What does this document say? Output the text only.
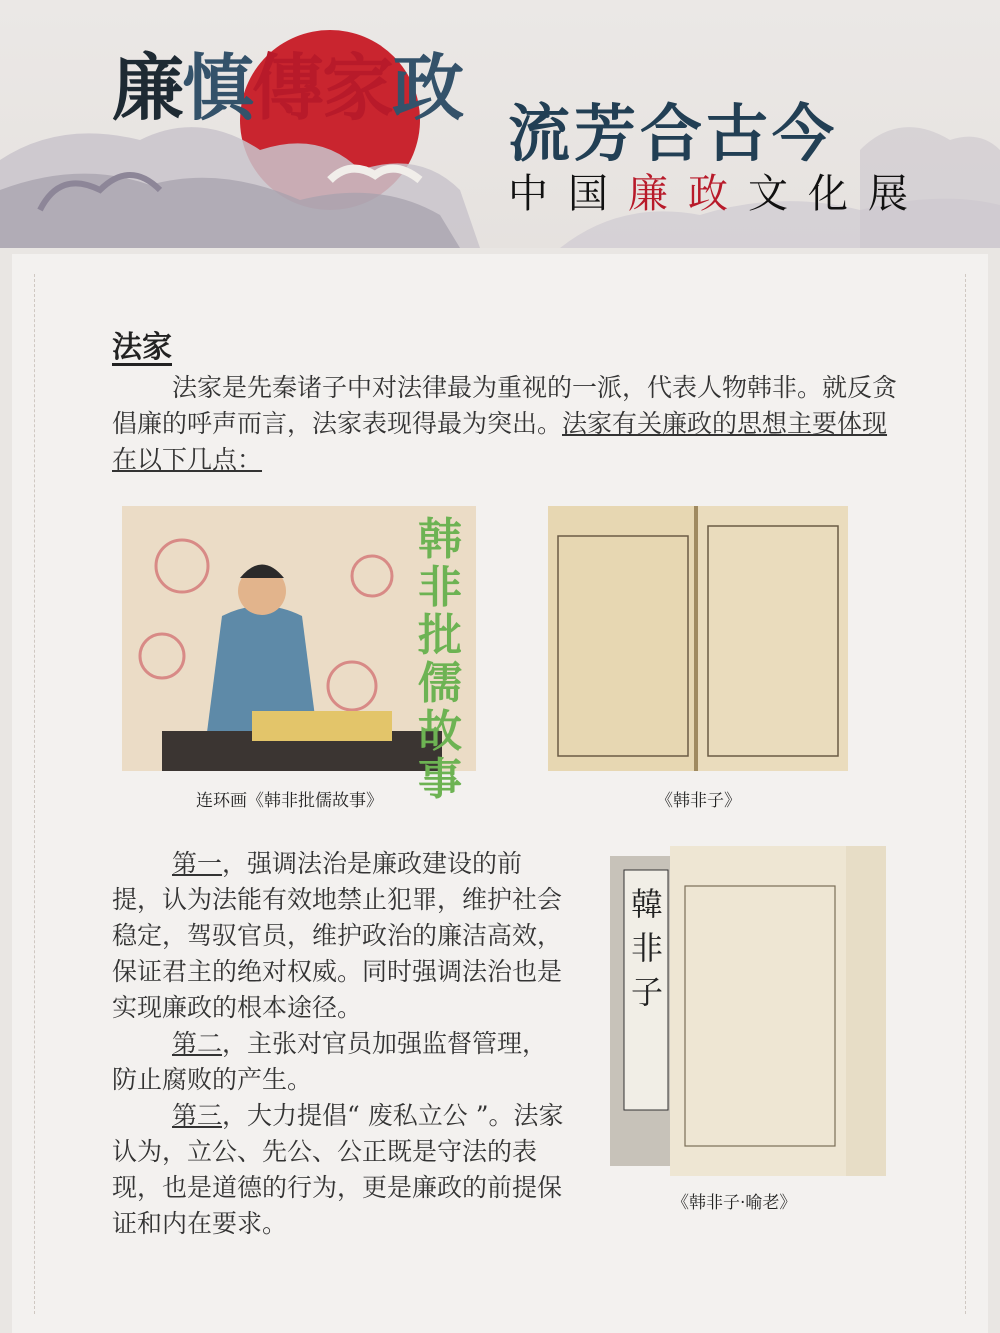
廉慎傳家政
流芳合古今
中国廉政文化展
法家
法家是先秦诸子中对法律最为重视的一派，代表人物韩非。就反贪倡廉的呼声而言，法家表现得最为突出。法家有关廉政的思想主要体现在以下几点：
韩非批儒故事
连环画《韩非批儒故事》	《韩非子》

第一，强调法治是廉政建设的前提，认为法能有效地禁止犯罪，维护社会稳定，驾驭官员，维护政治的廉洁高效，保证君主的绝对权威。同时强调法治也是实现廉政的根本途径。

第二，主张对官员加强监督管理，防止腐败的产生。

第三，大力提倡“ 废私立公 ”。法家认为，立公、先公、公正既是守法的表现，也是道德的行为，更是廉政的前提保证和内在要求。

韓非子
《韩非子·喻老》
